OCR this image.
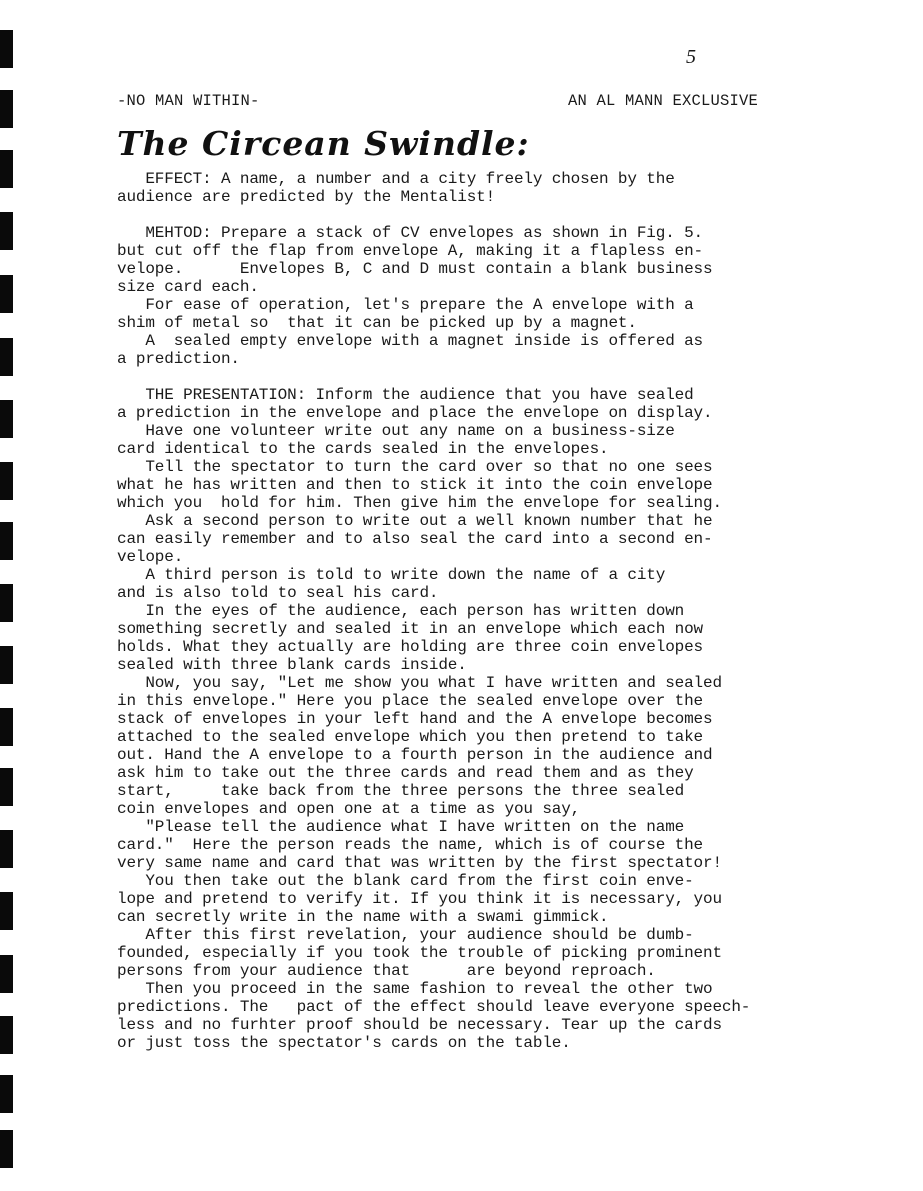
5
-NO MAN WITHIN-	AN AL MANN EXCLUSIVE
The Circean Swindle:
EFFECT: A name, a number and a city freely chosen by the
audience are predicted by the Mentalist!
MEHTOD: Prepare a stack of CV envelopes as shown in Fig. 5.
but cut off the flap from envelope A, making it a flapless en-
velope.      Envelopes B, C and D must contain a blank business
size card each.
For ease of operation, let's prepare the A envelope with a
shim of metal so  that it can be picked up by a magnet.
A  sealed empty envelope with a magnet inside is offered as
a prediction.
THE PRESENTATION: Inform the audience that you have sealed
a prediction in the envelope and place the envelope on display.
Have one volunteer write out any name on a business-size
card identical to the cards sealed in the envelopes.
Tell the spectator to turn the card over so that no one sees
what he has written and then to stick it into the coin envelope
which you  hold for him. Then give him the envelope for sealing.
Ask a second person to write out a well known number that he
can easily remember and to also seal the card into a second en-
velope.
A third person is told to write down the name of a city
and is also told to seal his card.
In the eyes of the audience, each person has written down
something secretly and sealed it in an envelope which each now
holds. What they actually are holding are three coin envelopes
sealed with three blank cards inside.
Now, you say, "Let me show you what I have written and sealed
in this envelope." Here you place the sealed envelope over the
stack of envelopes in your left hand and the A envelope becomes
attached to the sealed envelope which you then pretend to take
out. Hand the A envelope to a fourth person in the audience and
ask him to take out the three cards and read them and as they
start,     take back from the three persons the three sealed
coin envelopes and open one at a time as you say,
"Please tell the audience what I have written on the name
card."  Here the person reads the name, which is of course the
very same name and card that was written by the first spectator!
You then take out the blank card from the first coin enve-
lope and pretend to verify it. If you think it is necessary, you
can secretly write in the name with a swami gimmick.
After this first revelation, your audience should be dumb-
founded, especially if you took the trouble of picking prominent
persons from your audience that      are beyond reproach.
Then you proceed in the same fashion to reveal the other two
predictions. The   pact of the effect should leave everyone speech-
less and no furhter proof should be necessary. Tear up the cards
or just toss the spectator's cards on the table.
